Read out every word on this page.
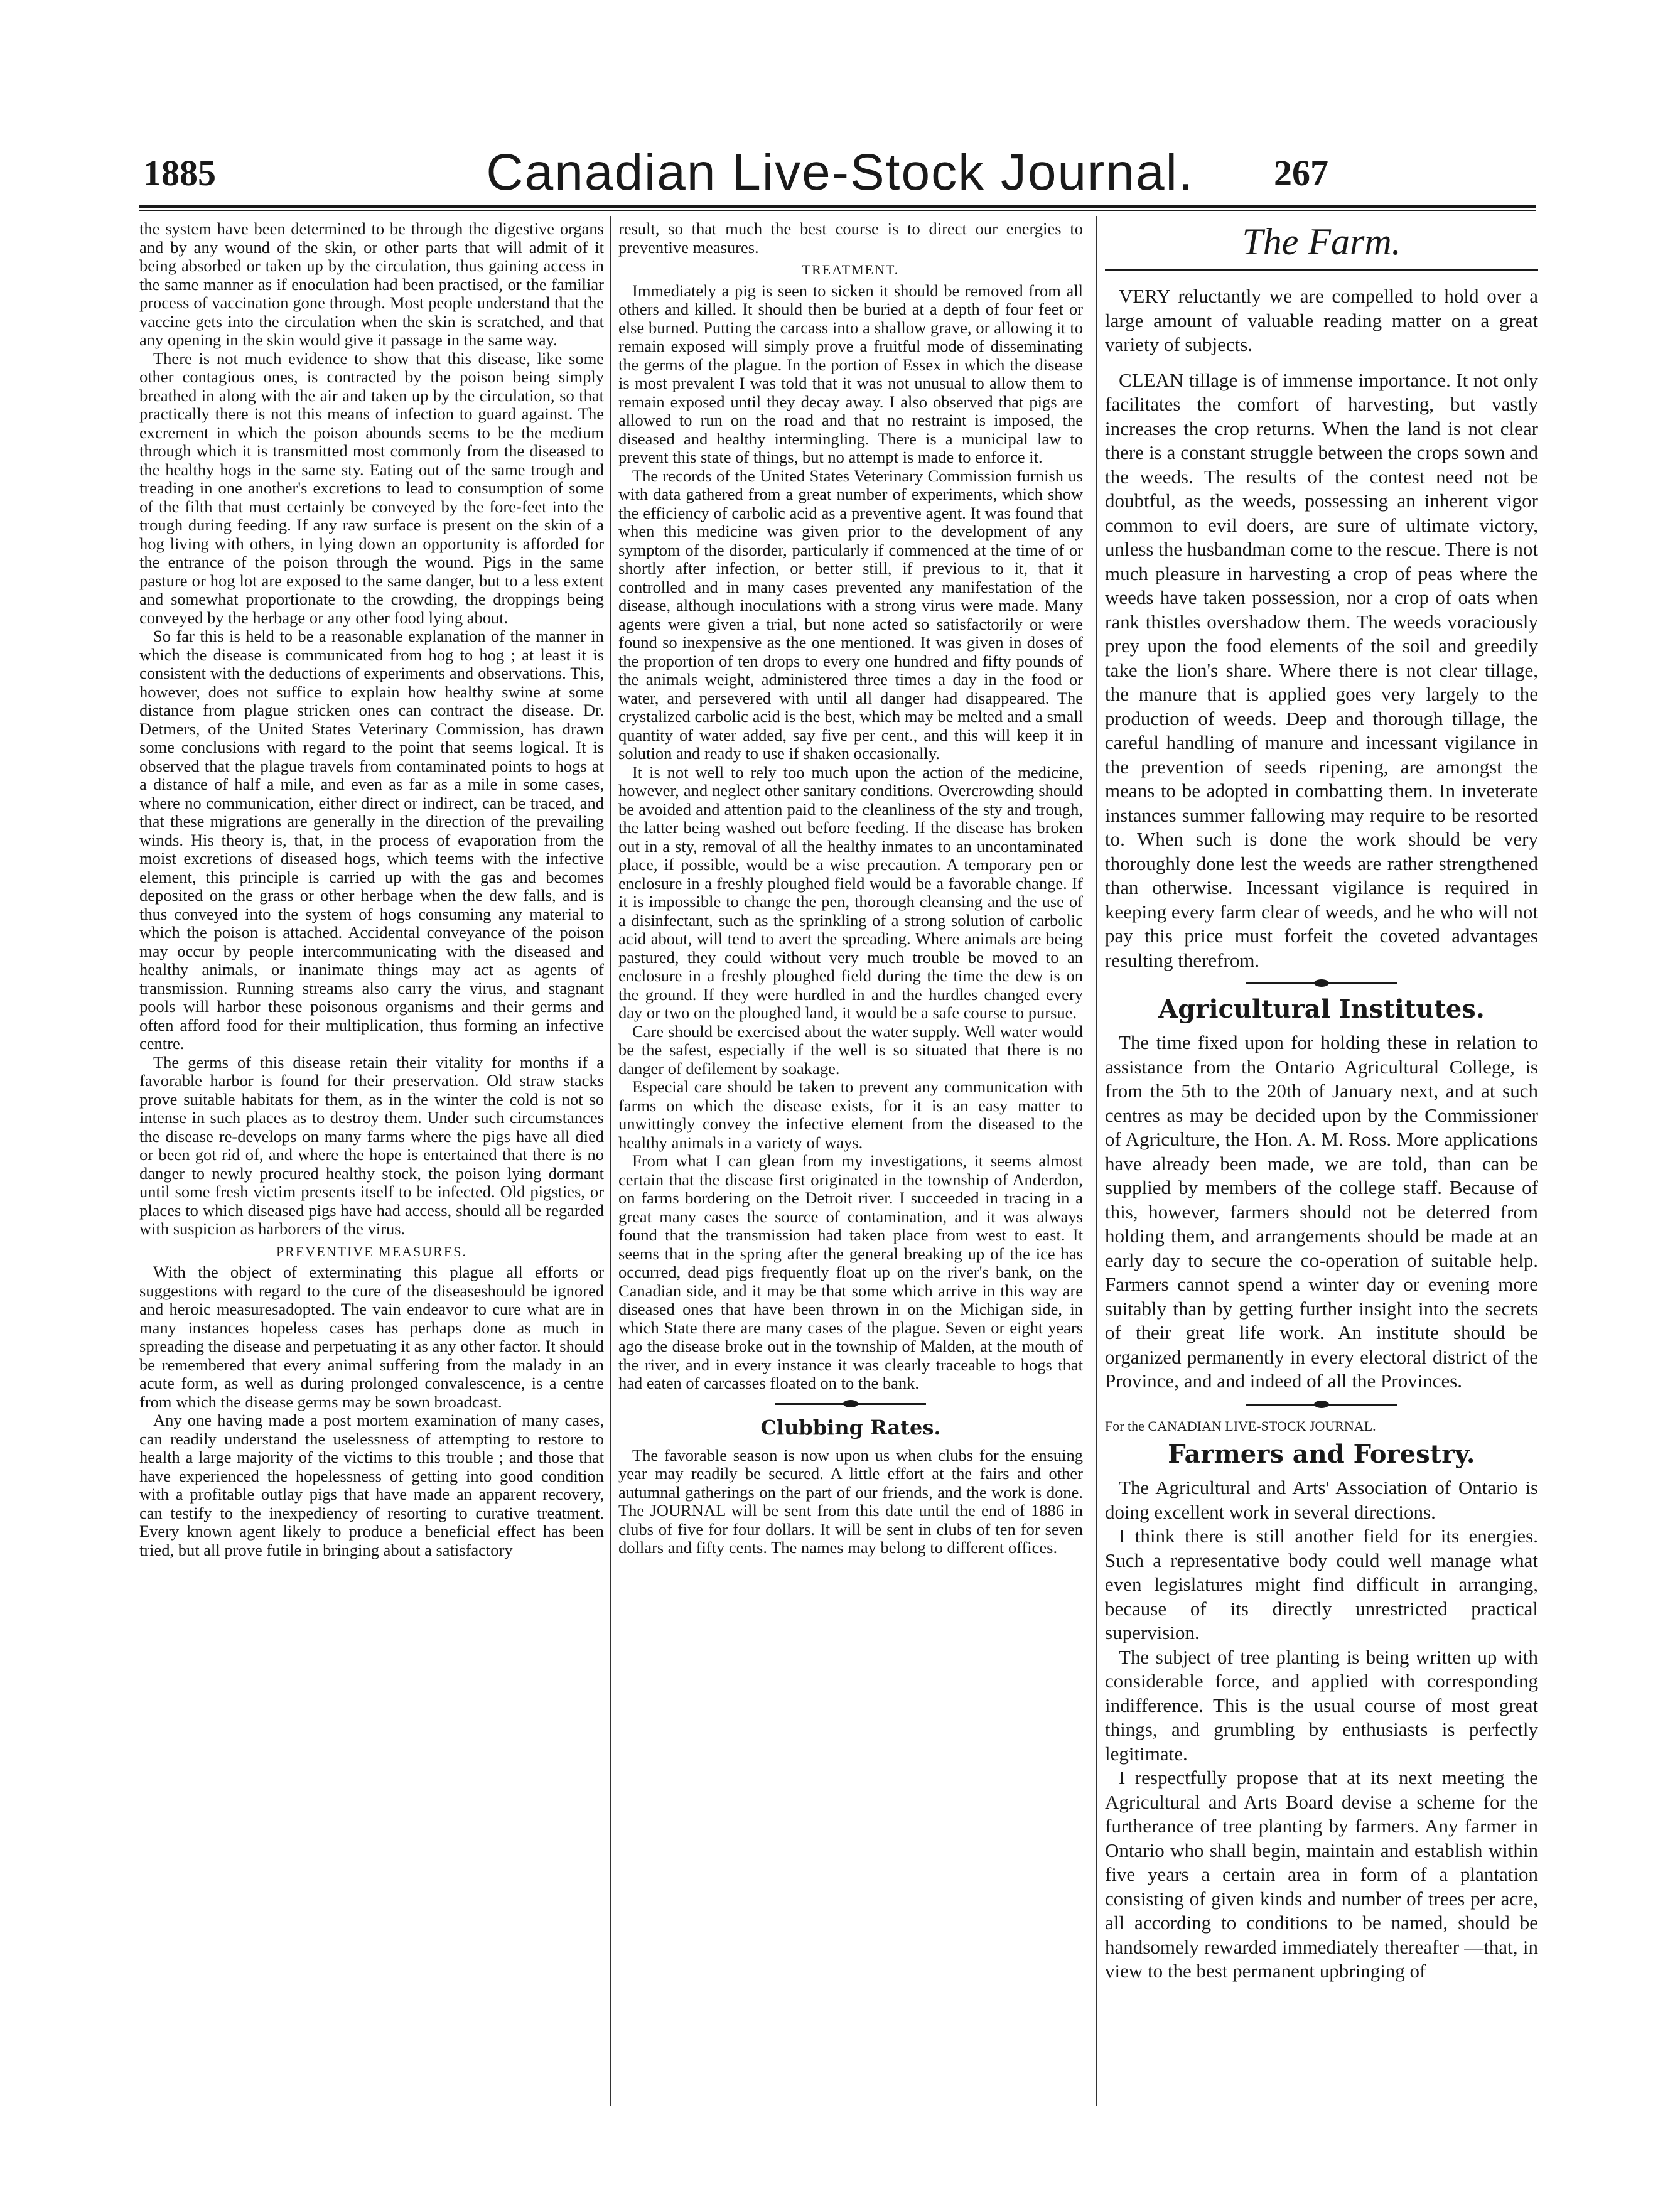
1885	Canadian Live-Stock Journal.	267

the system have been determined to be through the digestive organs and by any wound of the skin, or other parts that will admit of it being absorbed or taken up by the circulation, thus gaining access in the same manner as if enoculation had been practised, or the familiar process of vaccination gone through. Most people understand that the vaccine gets into the circulation when the skin is scratched, and that any opening in the skin would give it passage in the same way.

There is not much evidence to show that this disease, like some other contagious ones, is contracted by the poison being simply breathed in along with the air and taken up by the circulation, so that practically there is not this means of infection to guard against. The excrement in which the poison abounds seems to be the medium through which it is transmitted most commonly from the diseased to the healthy hogs in the same sty. Eating out of the same trough and treading in one another's excretions to lead to consumption of some of the filth that must certainly be conveyed by the fore-feet into the trough during feeding. If any raw surface is present on the skin of a hog living with others, in lying down an opportunity is afforded for the entrance of the poison through the wound. Pigs in the same pasture or hog lot are exposed to the same danger, but to a less extent and somewhat proportionate to the crowding, the droppings being conveyed by the herbage or any other food lying about.

So far this is held to be a reasonable explanation of the manner in which the disease is communicated from hog to hog ; at least it is consistent with the deductions of experiments and observations. This, however, does not suffice to explain how healthy swine at some distance from plague stricken ones can contract the disease. Dr. Detmers, of the United States Veterinary Commission, has drawn some conclusions with regard to the point that seems logical. It is observed that the plague travels from contaminated points to hogs at a distance of half a mile, and even as far as a mile in some cases, where no communication, either direct or indirect, can be traced, and that these migrations are generally in the direction of the prevailing winds. His theory is, that, in the process of evaporation from the moist excretions of diseased hogs, which teems with the infective element, this principle is carried up with the gas and becomes deposited on the grass or other herbage when the dew falls, and is thus conveyed into the system of hogs consuming any material to which the poison is attached. Accidental conveyance of the poison may occur by people intercommunicating with the diseased and healthy animals, or inanimate things may act as agents of transmission. Running streams also carry the virus, and stagnant pools will harbor these poisonous organisms and their germs and often afford food for their multiplication, thus forming an infective centre.

The germs of this disease retain their vitality for months if a favorable harbor is found for their preservation. Old straw stacks prove suitable habitats for them, as in the winter the cold is not so intense in such places as to destroy them. Under such circumstances the disease re-develops on many farms where the pigs have all died or been got rid of, and where the hope is entertained that there is no danger to newly procured healthy stock, the poison lying dormant until some fresh victim presents itself to be infected. Old pigsties, or places to which diseased pigs have had access, should all be regarded with suspicion as harborers of the virus.

PREVENTIVE MEASURES.

With the object of exterminating this plague all efforts or suggestions with regard to the cure of the diseaseshould be ignored and heroic measuresadopted. The vain endeavor to cure what are in many instances hopeless cases has perhaps done as much in spreading the disease and perpetuating it as any other factor. It should be remembered that every animal suffering from the malady in an acute form, as well as during prolonged convalescence, is a centre from which the disease germs may be sown broadcast.

Any one having made a post mortem examination of many cases, can readily understand the uselessness of attempting to restore to health a large majority of the victims to this trouble ; and those that have experienced the hopelessness of getting into good condition with a profitable outlay pigs that have made an apparent recovery, can testify to the inexpediency of resorting to curative treatment. Every known agent likely to produce a beneficial effect has been tried, but all prove futile in bringing about a satisfactory

result, so that much the best course is to direct our energies to preventive measures.

TREATMENT.

Immediately a pig is seen to sicken it should be removed from all others and killed. It should then be buried at a depth of four feet or else burned. Putting the carcass into a shallow grave, or allowing it to remain exposed will simply prove a fruitful mode of disseminating the germs of the plague. In the portion of Essex in which the disease is most prevalent I was told that it was not unusual to allow them to remain exposed until they decay away. I also observed that pigs are allowed to run on the road and that no restraint is imposed, the diseased and healthy intermingling. There is a municipal law to prevent this state of things, but no attempt is made to enforce it.

The records of the United States Veterinary Commission furnish us with data gathered from a great number of experiments, which show the efficiency of carbolic acid as a preventive agent. It was found that when this medicine was given prior to the development of any symptom of the disorder, particularly if commenced at the time of or shortly after infection, or better still, if previous to it, that it controlled and in many cases prevented any manifestation of the disease, although inoculations with a strong virus were made. Many agents were given a trial, but none acted so satisfactorily or were found so inexpensive as the one mentioned. It was given in doses of the proportion of ten drops to every one hundred and fifty pounds of the animals weight, administered three times a day in the food or water, and persevered with until all danger had disappeared. The crystalized carbolic acid is the best, which may be melted and a small quantity of water added, say five per cent., and this will keep it in solution and ready to use if shaken occasionally.

It is not well to rely too much upon the action of the medicine, however, and neglect other sanitary conditions. Overcrowding should be avoided and attention paid to the cleanliness of the sty and trough, the latter being washed out before feeding. If the disease has broken out in a sty, removal of all the healthy inmates to an uncontaminated place, if possible, would be a wise precaution. A temporary pen or enclosure in a freshly ploughed field would be a favorable change. If it is impossible to change the pen, thorough cleansing and the use of a disinfectant, such as the sprinkling of a strong solution of carbolic acid about, will tend to avert the spreading. Where animals are being pastured, they could without very much trouble be moved to an enclosure in a freshly ploughed field during the time the dew is on the ground. If they were hurdled in and the hurdles changed every day or two on the ploughed land, it would be a safe course to pursue.

Care should be exercised about the water supply. Well water would be the safest, especially if the well is so situated that there is no danger of defilement by soakage.

Especial care should be taken to prevent any communication with farms on which the disease exists, for it is an easy matter to unwittingly convey the infective element from the diseased to the healthy animals in a variety of ways.

From what I can glean from my investigations, it seems almost certain that the disease first originated in the township of Anderdon, on farms bordering on the Detroit river. I succeeded in tracing in a great many cases the source of contamination, and it was always found that the transmission had taken place from west to east. It seems that in the spring after the general breaking up of the ice has occurred, dead pigs frequently float up on the river's bank, on the Canadian side, and it may be that some which arrive in this way are diseased ones that have been thrown in on the Michigan side, in which State there are many cases of the plague. Seven or eight years ago the disease broke out in the township of Malden, at the mouth of the river, and in every instance it was clearly traceable to hogs that had eaten of carcasses floated on to the bank.

Clubbing Rates.

The favorable season is now upon us when clubs for the ensuing year may readily be secured. A little effort at the fairs and other autumnal gatherings on the part of our friends, and the work is done. The JOURNAL will be sent from this date until the end of 1886 in clubs of five for four dollars. It will be sent in clubs of ten for seven dollars and fifty cents. The names may belong to different offices.

The Farm.

VERY reluctantly we are compelled to hold over a large amount of valuable reading matter on a great variety of subjects.

CLEAN tillage is of immense importance. It not only facilitates the comfort of harvesting, but vastly increases the crop returns. When the land is not clear there is a constant struggle between the crops sown and the weeds. The results of the contest need not be doubtful, as the weeds, possessing an inherent vigor common to evil doers, are sure of ultimate victory, unless the husbandman come to the rescue. There is not much pleasure in harvesting a crop of peas where the weeds have taken possession, nor a crop of oats when rank thistles overshadow them. The weeds voraciously prey upon the food elements of the soil and greedily take the lion's share. Where there is not clear tillage, the manure that is applied goes very largely to the production of weeds. Deep and thorough tillage, the careful handling of manure and incessant vigilance in the prevention of seeds ripening, are amongst the means to be adopted in combatting them. In inveterate instances summer fallowing may require to be resorted to. When such is done the work should be very thoroughly done lest the weeds are rather strengthened than otherwise. Incessant vigilance is required in keeping every farm clear of weeds, and he who will not pay this price must forfeit the coveted advantages resulting therefrom.

Agricultural Institutes.

The time fixed upon for holding these in relation to assistance from the Ontario Agricultural College, is from the 5th to the 20th of January next, and at such centres as may be decided upon by the Commissioner of Agriculture, the Hon. A. M. Ross. More applications have already been made, we are told, than can be supplied by members of the college staff. Because of this, however, farmers should not be deterred from holding them, and arrangements should be made at an early day to secure the co-operation of suitable help. Farmers cannot spend a winter day or evening more suitably than by getting further insight into the secrets of their great life work. An institute should be organized permanently in every electoral district of the Province, and and indeed of all the Provinces.

For the CANADIAN LIVE-STOCK JOURNAL.

Farmers and Forestry.

The Agricultural and Arts' Association of Ontario is doing excellent work in several directions.

I think there is still another field for its energies. Such a representative body could well manage what even legislatures might find difficult in arranging, because of its directly unrestricted practical supervision.

The subject of tree planting is being written up with considerable force, and applied with corresponding indifference. This is the usual course of most great things, and grumbling by enthusiasts is perfectly legitimate.

I respectfully propose that at its next meeting the Agricultural and Arts Board devise a scheme for the furtherance of tree planting by farmers. Any farmer in Ontario who shall begin, maintain and establish within five years a certain area in form of a plantation consisting of given kinds and number of trees per acre, all according to conditions to be named, should be handsomely rewarded immediately thereafter —that, in view to the best permanent upbringing of
